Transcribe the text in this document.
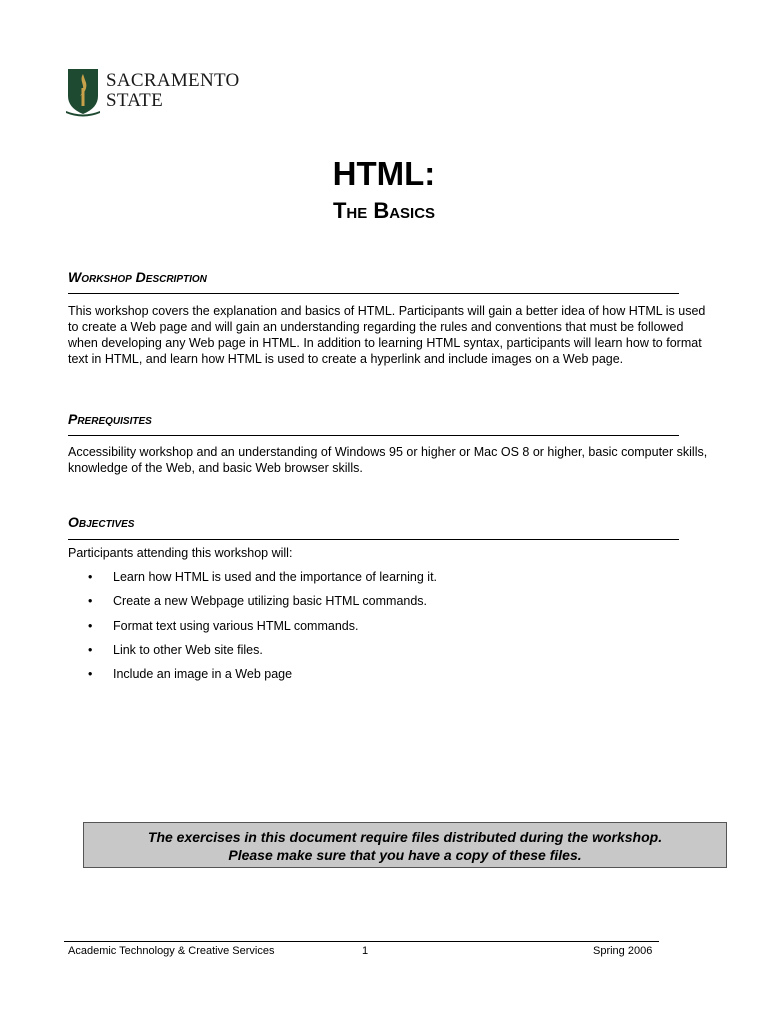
SACRAMENTO
STATE
HTML:
The Basics
Workshop Description
This workshop covers the explanation and basics of HTML. Participants will gain a better idea of how HTML is used to create a Web page and will gain an understanding regarding the rules and conventions that must be followed when developing any Web page in HTML. In addition to learning HTML syntax, participants will learn how to format text in HTML, and learn how HTML is used to create a hyperlink and include images on a Web page.
Prerequisites
Accessibility workshop and an understanding of Windows 95 or higher or Mac OS 8 or higher, basic computer skills, knowledge of the Web, and basic Web browser skills.
Objectives
Participants attending this workshop will:
• Learn how HTML is used and the importance of learning it.
• Create a new Webpage utilizing basic HTML commands.
• Format text using various HTML commands.
• Link to other Web site files.
• Include an image in a Web page
The exercises in this document require files distributed during the workshop.
Please make sure that you have a copy of these files.
Academic Technology & Creative Services	1	Spring 2006
